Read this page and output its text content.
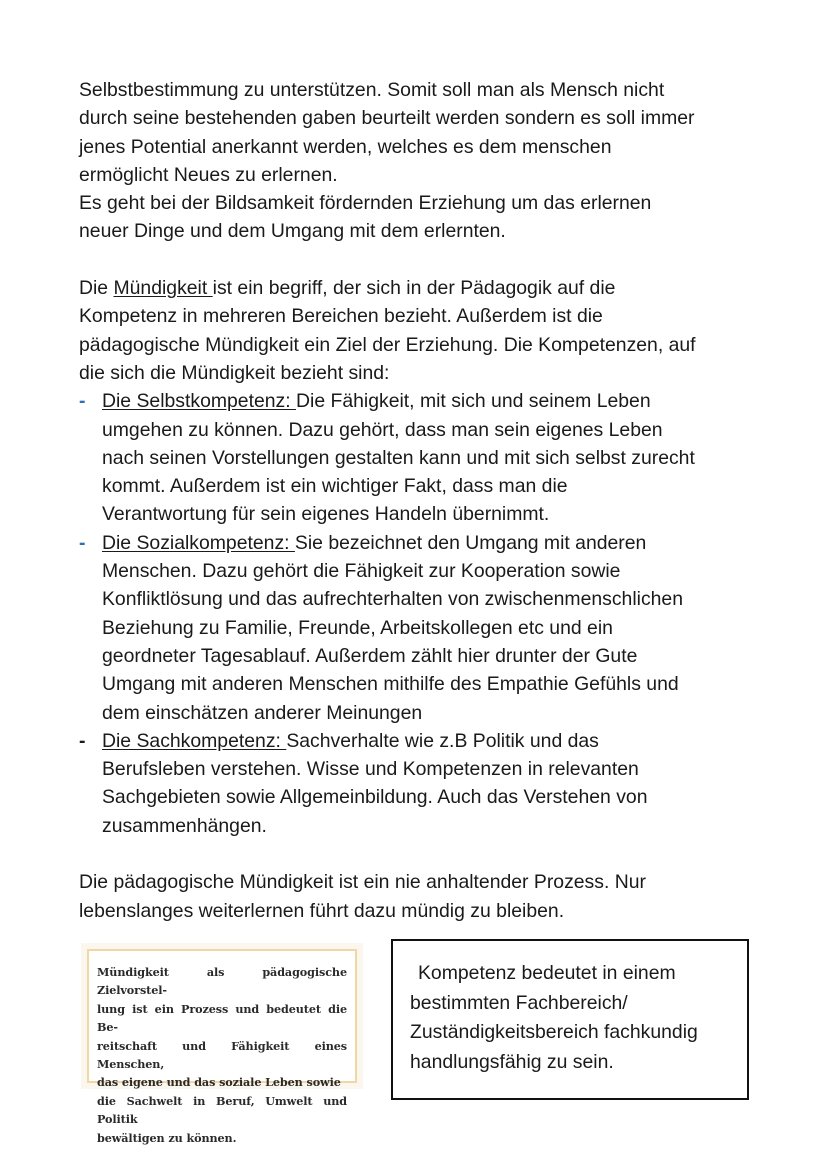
Selbstbestimmung zu unterstützen. Somit soll man als Mensch nicht

durch seine bestehenden gaben beurteilt werden sondern es soll immer

jenes Potential anerkannt werden, welches es dem menschen

ermöglicht Neues zu erlernen.

Es geht bei der Bildsamkeit fördernden Erziehung um das erlernen

neuer Dinge und dem Umgang mit dem erlernten.

Die Mündigkeit ist ein begriff, der sich in der Pädagogik auf die

Kompetenz in mehreren Bereichen bezieht. Außerdem ist die

pädagogische Mündigkeit ein Ziel der Erziehung. Die Kompetenzen, auf

die sich die Mündigkeit bezieht sind:

- Die Selbstkompetenz: Die Fähigkeit, mit sich und seinem Leben

umgehen zu können. Dazu gehört, dass man sein eigenes Leben

nach seinen Vorstellungen gestalten kann und mit sich selbst zurecht

kommt. Außerdem ist ein wichtiger Fakt, dass man die

Verantwortung für sein eigenes Handeln übernimmt.

- Die Sozialkompetenz: Sie bezeichnet den Umgang mit anderen

Menschen. Dazu gehört die Fähigkeit zur Kooperation sowie

Konfliktlösung und das aufrechterhalten von zwischenmenschlichen

Beziehung zu Familie, Freunde, Arbeitskollegen etc und ein

geordneter Tagesablauf. Außerdem zählt hier drunter der Gute

Umgang mit anderen Menschen mithilfe des Empathie Gefühls und

dem einschätzen anderer Meinungen

- Die Sachkompetenz: Sachverhalte wie z.B Politik und das

Berufsleben verstehen. Wisse und Kompetenzen in relevanten

Sachgebieten sowie Allgemeinbildung. Auch das Verstehen von

zusammenhängen.

Die pädagogische Mündigkeit ist ein nie anhaltender Prozess. Nur

lebenslanges weiterlernen führt dazu mündig zu bleiben.

Mündigkeit als pädagogische Zielvorstel-
lung ist ein Prozess und bedeutet die Be-
reitschaft und Fähigkeit eines Menschen,
das eigene und das soziale Leben sowie
die Sachwelt in Beruf, Umwelt und Politik
bewältigen zu können.

Kompetenz bedeutet in einem

bestimmten Fachbereich/

Zuständigkeitsbereich fachkundig

handlungsfähig zu sein.
